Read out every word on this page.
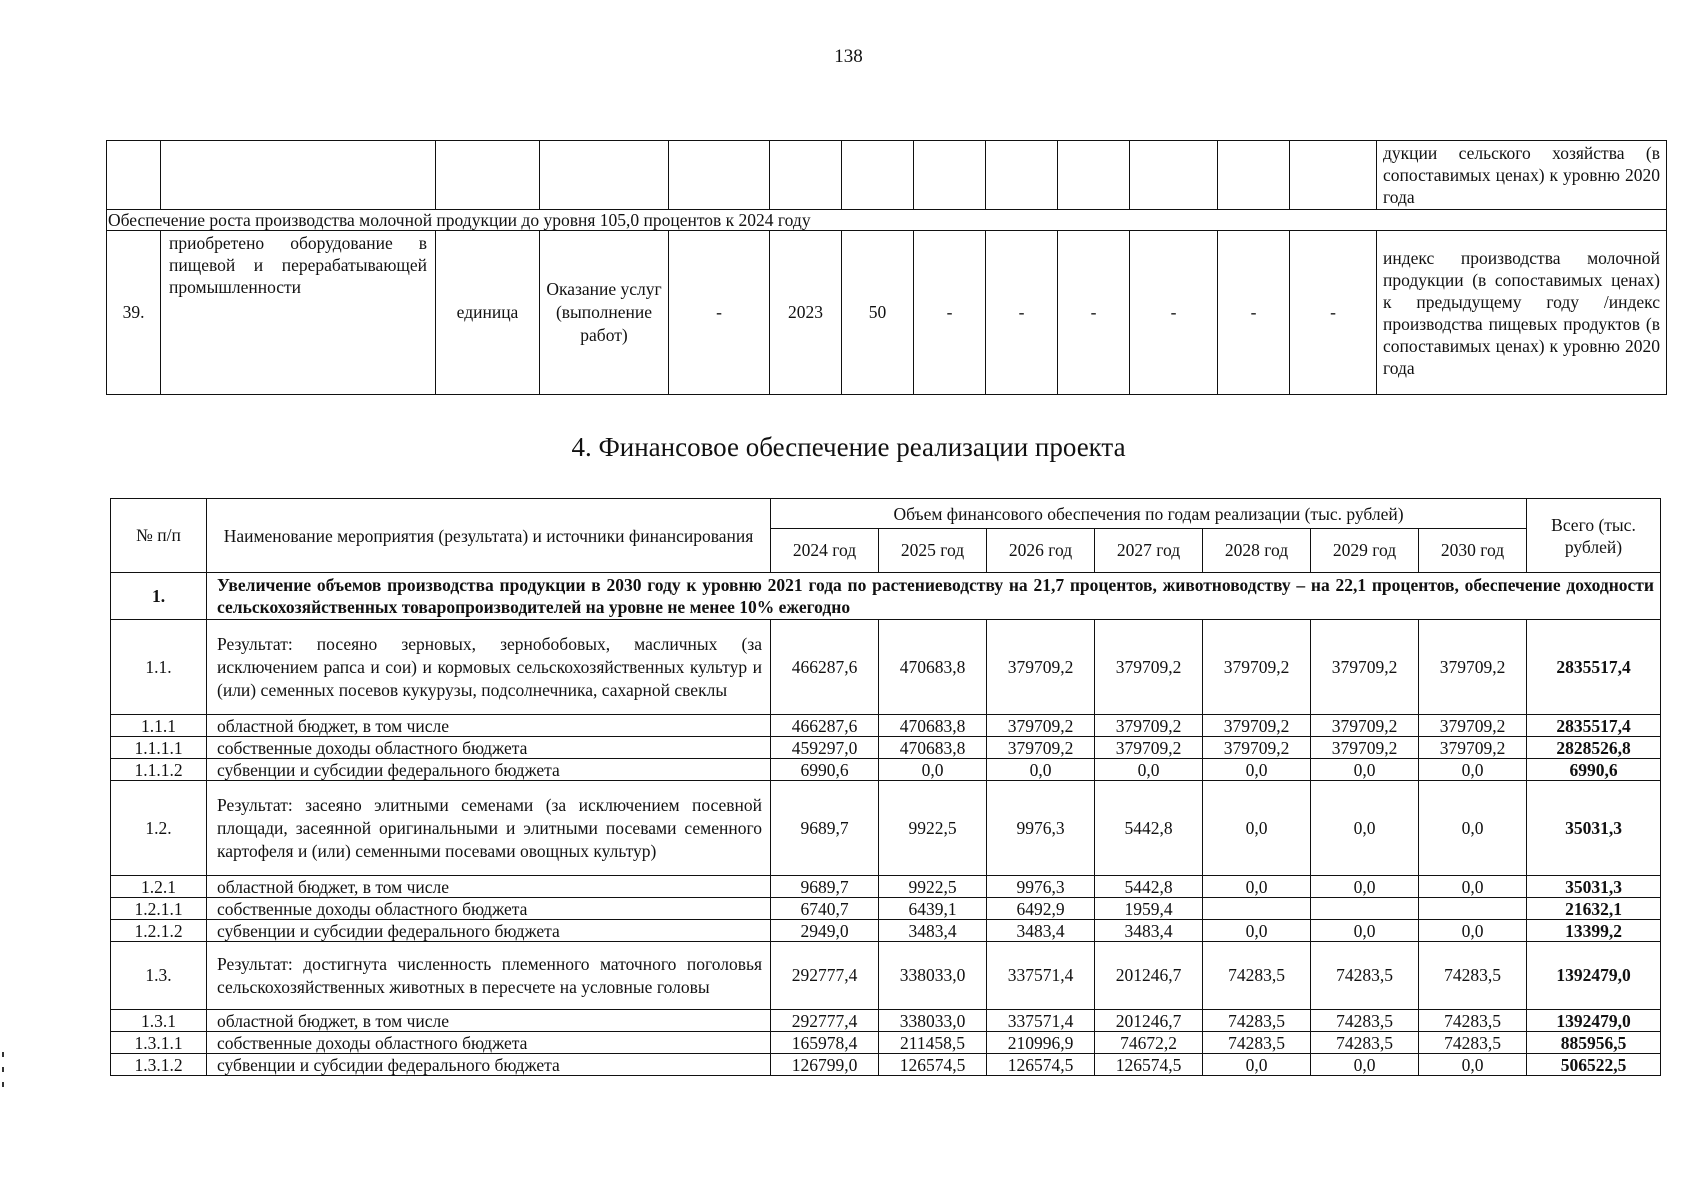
138
													дукции сельского хозяйства (в сопоставимых ценах) к уровню 2020 года
Обеспечение роста производства молочной продукции до уровня 105,0 процентов к 2024 году													
39.	приобретено оборудование в пищевой и перерабатывающей промышленности	единица	Оказание услуг (выполнение работ)	-	2023	50	-	-	-	-	-	-	индекс производства молочной продукции (в сопоставимых ценах) к предыдущему году /индекс производства пищевых продуктов (в сопоставимых ценах) к уровню 2020 года
4. Финансовое обеспечение реализации проекта
№ п/п	Наименование мероприятия (результата) и источники финансирования	Объем финансового обеспечения по годам реализации (тыс. рублей)							Всего (тыс. рублей)
		2024 год	2025 год	2026 год	2027 год	2028 год	2029 год	2030 год	
1.	Увеличение объемов производства продукции в 2030 году к уровню 2021 года по растениеводству на 21,7 процентов, животноводству – на 22,1 процентов, обеспечение доходности сельскохозяйственных товаропроизводителей на уровне не менее 10% ежегодно								
1.1.	Результат: посеяно зерновых, зернобобовых, масличных (за исключением рапса и сои) и кормовых сельскохозяйственных культур и (или) семенных посевов кукурузы, подсолнечника, сахарной свеклы	466287,6	470683,8	379709,2	379709,2	379709,2	379709,2	379709,2	2835517,4
1.1.1	областной бюджет, в том числе	466287,6	470683,8	379709,2	379709,2	379709,2	379709,2	379709,2	2835517,4
1.1.1.1	собственные доходы областного бюджета	459297,0	470683,8	379709,2	379709,2	379709,2	379709,2	379709,2	2828526,8
1.1.1.2	субвенции и субсидии федерального бюджета	6990,6	0,0	0,0	0,0	0,0	0,0	0,0	6990,6
1.2.	Результат: засеяно элитными семенами (за исключением посевной площади, засеянной оригинальными и элитными посевами семенного картофеля и (или) семенными посевами овощных культур)	9689,7	9922,5	9976,3	5442,8	0,0	0,0	0,0	35031,3
1.2.1	областной бюджет, в том числе	9689,7	9922,5	9976,3	5442,8	0,0	0,0	0,0	35031,3
1.2.1.1	собственные доходы областного бюджета	6740,7	6439,1	6492,9	1959,4				21632,1
1.2.1.2	субвенции и субсидии федерального бюджета	2949,0	3483,4	3483,4	3483,4	0,0	0,0	0,0	13399,2
1.3.	Результат: достигнута численность племенного маточного поголовья сельскохозяйственных животных в пересчете на условные головы	292777,4	338033,0	337571,4	201246,7	74283,5	74283,5	74283,5	1392479,0
1.3.1	областной бюджет, в том числе	292777,4	338033,0	337571,4	201246,7	74283,5	74283,5	74283,5	1392479,0
1.3.1.1	собственные доходы областного бюджета	165978,4	211458,5	210996,9	74672,2	74283,5	74283,5	74283,5	885956,5
1.3.1.2	субвенции и субсидии федерального бюджета	126799,0	126574,5	126574,5	126574,5	0,0	0,0	0,0	506522,5
